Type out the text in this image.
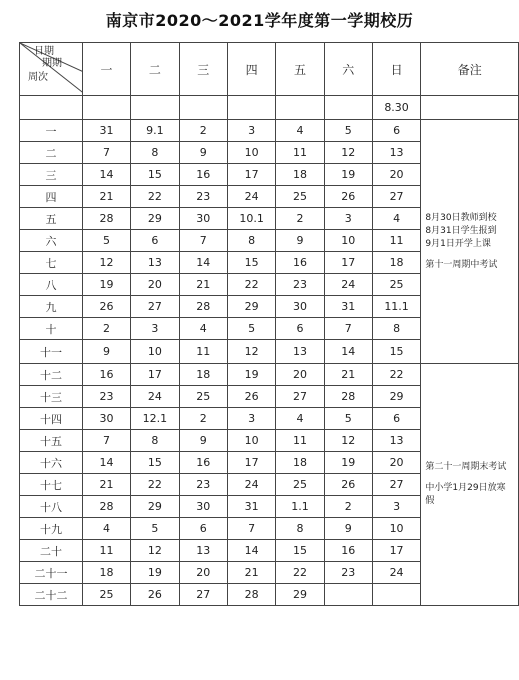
南京市2020～2021学年度第一学期校历
日期
期期
周次	一	二	三	四	五	六	日	备注
							8.30	
一	31	9.1	2	3	4	5	6	8月30日教师到校

8月31日学生报到

9月1日开学上课

第十一周期中考试

二	7	8	9	10	11	12	13	
三	14	15	16	17	18	19	20	
四	21	22	23	24	25	26	27	
五	28	29	30	10.1	2	3	4	
六	5	6	7	8	9	10	11	
七	12	13	14	15	16	17	18	
八	19	20	21	22	23	24	25	
九	26	27	28	29	30	31	11.1	
十	2	3	4	5	6	7	8	
十一	9	10	11	12	13	14	15	
十二	16	17	18	19	20	21	22	第二十一周期末考试

中小学1月29日放寒假

十三	23	24	25	26	27	28	29	
十四	30	12.1	2	3	4	5	6	
十五	7	8	9	10	11	12	13	
十六	14	15	16	17	18	19	20	
十七	21	22	23	24	25	26	27	
十八	28	29	30	31	1.1	2	3	
十九	4	5	6	7	8	9	10	
二十	11	12	13	14	15	16	17	
二十一	18	19	20	21	22	23	24	
二十二	25	26	27	28	29			
